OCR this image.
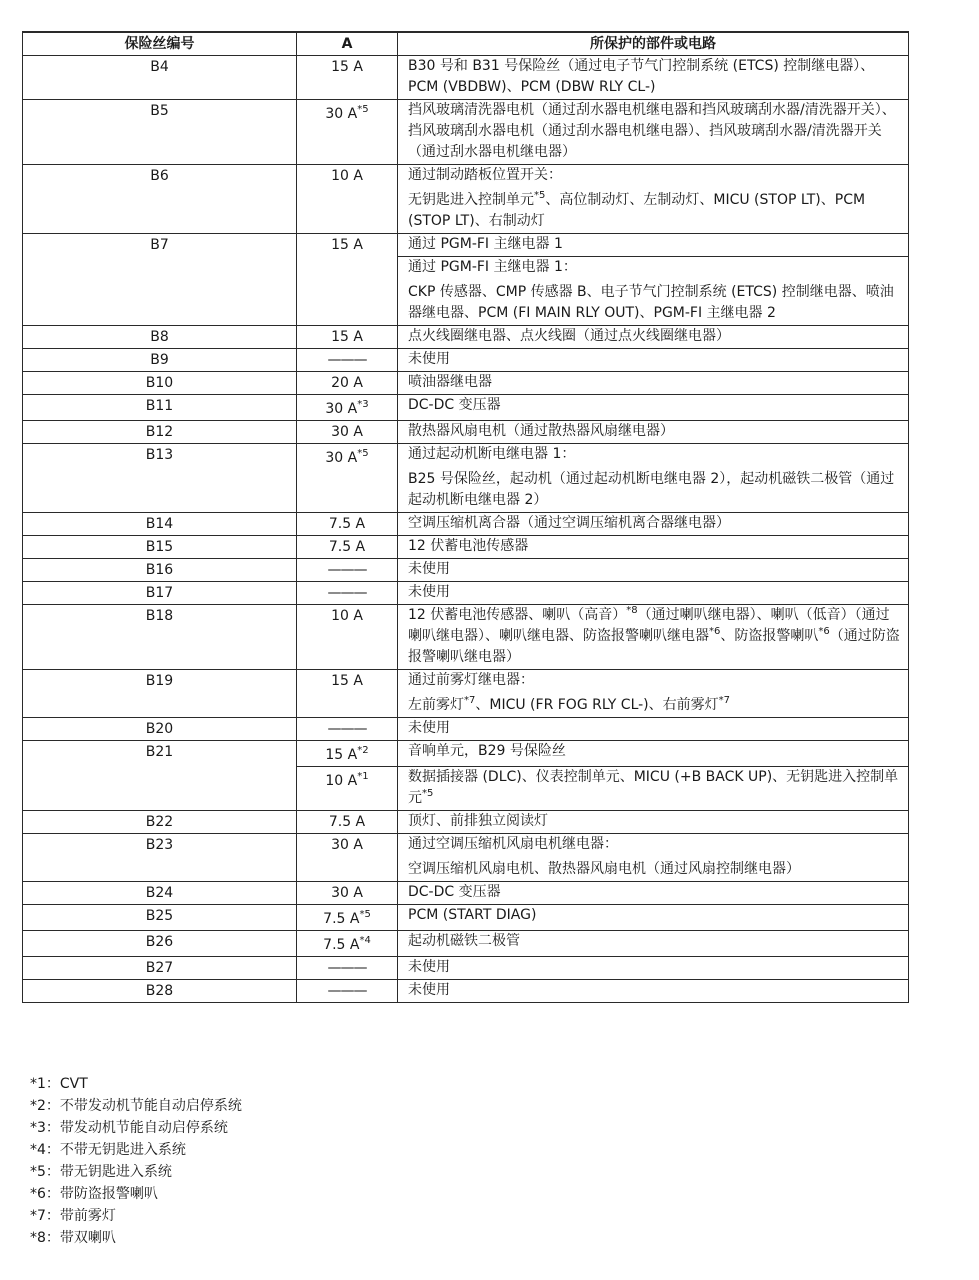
保险丝编号	A	所保护的部件或电路
B4	15 A	B30 号和 B31 号保险丝（通过电子节气门控制系统 (ETCS) 控制继电器）、PCM (VBDBW)、PCM (DBW RLY CL-)

B5	30 $A^{*5}$	挡风玻璃清洗器电机（通过刮水器电机继电器和挡风玻璃刮水器/清洗器开关）、挡风玻璃刮水器电机（通过刮水器电机继电器）、挡风玻璃刮水器/清洗器开关（通过刮水器电机继电器）

B6	10 A	通过制动踏板位置开关：
无钥匙进入控制单元$^{*5}$、高位制动灯、左制动灯、MICU (STOP LT)、PCM (STOP LT)、右制动灯

B7	15 A	通过 PGM-FI 主继电器 1

		通过 PGM-FI 主继电器 1：
CKP 传感器、CMP 传感器 B、电子节气门控制系统 (ETCS) 控制继电器、喷油器继电器、PCM (FI MAIN RLY OUT)、PGM-FI 主继电器 2

B8	15 A	点火线圈继电器、点火线圈（通过点火线圈继电器）

B9	———	未使用

B10	20 A	喷油器继电器

B11	30 $A^{*3}$	DC-DC 变压器

B12	30 A	散热器风扇电机（通过散热器风扇继电器）

B13	30 $A^{*5}$	通过起动机断电继电器 1：
B25 号保险丝，起动机（通过起动机断电继电器 2），起动机磁铁二极管（通过起动机断电继电器 2）

B14	7.5 A	空调压缩机离合器（通过空调压缩机离合器继电器）

B15	7.5 A	12 伏蓄电池传感器

B16	———	未使用

B17	———	未使用

B18	10 A	12 伏蓄电池传感器、喇叭（高音）$^{*8}$（通过喇叭继电器）、喇叭（低音）（通过喇叭继电器）、喇叭继电器、防盗报警喇叭继电器$^{*6}$、防盗报警喇叭$^{*6}$（通过防盗报警喇叭继电器）

B19	15 A	通过前雾灯继电器：
左前雾灯$^{*7}$、MICU (FR FOG RLY CL-)、右前雾灯$^{*7}$

B20	———	未使用

B21	15 $A^{*2}$	音响单元，B29 号保险丝

	10 $A^{*1}$	数据插接器 (DLC)、仪表控制单元、MICU (+B BACK UP)、无钥匙进入控制单元$^{*5}$

B22	7.5 A	顶灯、前排独立阅读灯

B23	30 A	通过空调压缩机风扇电机继电器：
空调压缩机风扇电机、散热器风扇电机（通过风扇控制继电器）

B24	30 A	DC-DC 变压器

B25	7.5 $A^{*5}$	PCM (START DIAG)

B26	7.5 $A^{*4}$	起动机磁铁二极管

B27	———	未使用

B28	———	未使用
*1：CVT
*2：不带发动机节能自动启停系统
*3：带发动机节能自动启停系统
*4：不带无钥匙进入系统
*5：带无钥匙进入系统
*6：带防盗报警喇叭
*7：带前雾灯
*8：带双喇叭
